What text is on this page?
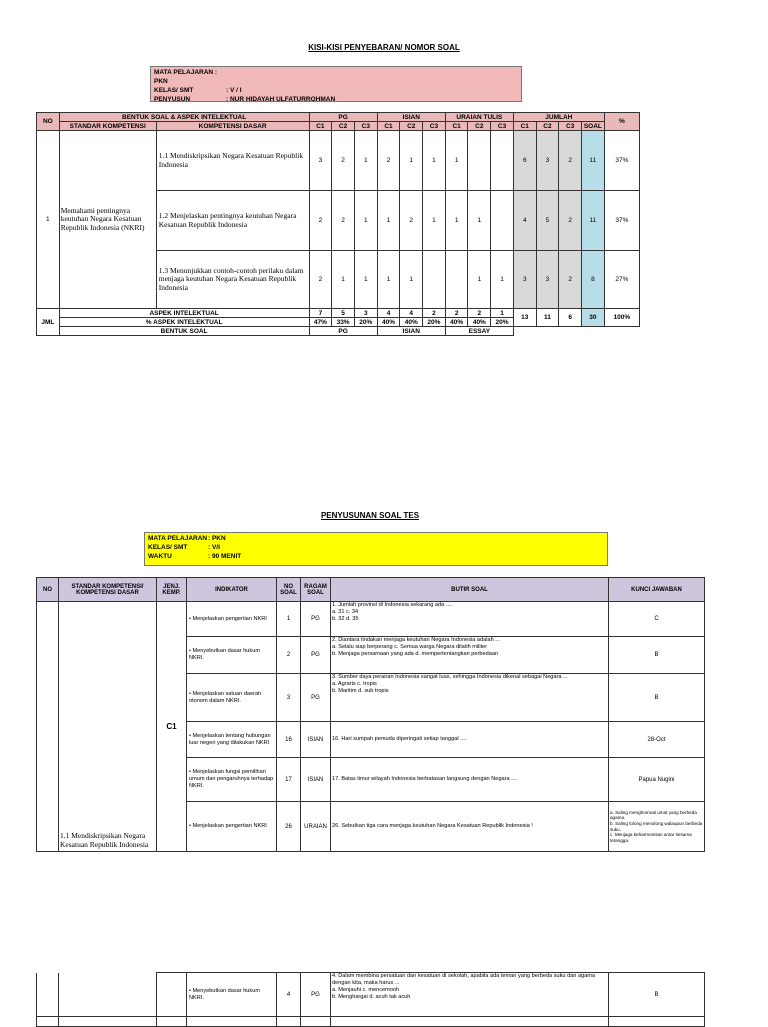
KISI-KISI PENYEBARAN/ NOMOR SOAL
MATA PELAJARAN : PKN
KELAS/ SMT	: V / I
PENYUSUN	: NUR HIDAYAH ULFATURROHMAN
NO	BENTUK SOAL & ASPEK INTELEKTUAL		PG			ISIAN			URAIAN TULIS			JUMLAH				%
	STANDAR KOMPETENSI	KOMPETENSI DASAR	C1	C2	C3	C1	C2	C3	C1	C2	C3	C1	C2	C3	SOAL	
1	Memahami pentingnya keutuhan Negara Kesatuan Republik Indonesia (NKRI)	1.1 Mendiskripsikan Negara Kesatuan Republik Indonesia	3	2	1	2	1	1	1			6	3	2	11	37%
		1.2 Menjelaskan pentingnya keutuhan Negara Kesatuan Republik Indonesia	2	2	1	1	2	1	1	1		4	5	2	11	37%
		1.3 Menunjukkan contoh-contoh perilaku dalam menjaga keutuhan Negara Kesatuan Republik Indonesia	2	1	1	1	1			1	1	3	3	2	8	27%
JML	ASPEK INTELEKTUAL		7	5	3	4	4	2	2	2	1	13	11	6	30	100%
	% ASPEK INTELEKTUAL		47%	33%	20%	40%	40%	20%	40%	40%	20%					
	BENTUK SOAL		PG			ISIAN			ESSAY							
PENYUSUNAN SOAL TES
MATA PELAJARAN : PKN
KELAS/ SMT	: V/I
WAKTU	: 90 MENIT
NO	STANDAR KOMPETENSI/ KOMPETENSI DASAR	JENJ. KEMP.	INDIKATOR	NO SOAL	RAGAM SOAL	BUTIR SOAL	KUNCI JAWABAN
	1.1 Mendiskripsikan Negara Kesatuan Republik Indonesia	C1	• Menjelaskan pengertian NKRI	1	PG	1. Jumlah provinsi di Indonesia sekarang ada ....
a. 31 c. 34
b. 32 d. 35	C
			• Menyebutkan dasar hukum NKRI.	2	PG	2. Diantara tindakan menjaga keutuhan Negara Indonesia adalah ...
a. Selalu siap berperang c. Semua warga Negara dilatih militer
b. Menjaga persamaan yang ada d. mempertentangkan perbedaan	B
			• Menjelaskan satuan daerah otonom dalam NKRI.	3	PG	3. Sumber daya perairan Indonesia sangat luas, sehingga Indonesia dikenal sebagai Negara ...
a. Agraris c. tropis
b. Maritim d. sub tropis	B
			• Menjelaskan tentang hubungan luar negeri yang dilakukan NKRI	16	ISIAN	16. Hari sumpah pemuda diperingati setiap tanggal ....	28-Oct
			• Menjelaskan fungsi pemilihan umum dan pengaruhnya terhadap NKRI.	17	ISIAN	17. Batas timur wilayah Indonesia berbatasan langsung dengan Negara ....	Papua Nugini
			• Menjelaskan pengertian NKRI	26	URAIAN	26. Sebutkan tiga cara menjaga keutuhan Negara Kesatuan Republik Indonesia !	a. Saling menghormati umat yang berbeda agama.
b. Saling tolong menolong walaupun berbeda suku.
c. Menjaga keharmonisan antar sesama tetangga.
			• Menyebutkan dasar hukum NKRI.	4	PG	4. Dalam membina persatuan dan kesatuan di sekolah, apabila ada teman yang berbeda suku dan agama dengan kita, maka harus ...
a. Menjauhi c. mencemooh
b. Menghargai d. acuh tak acuh	B
